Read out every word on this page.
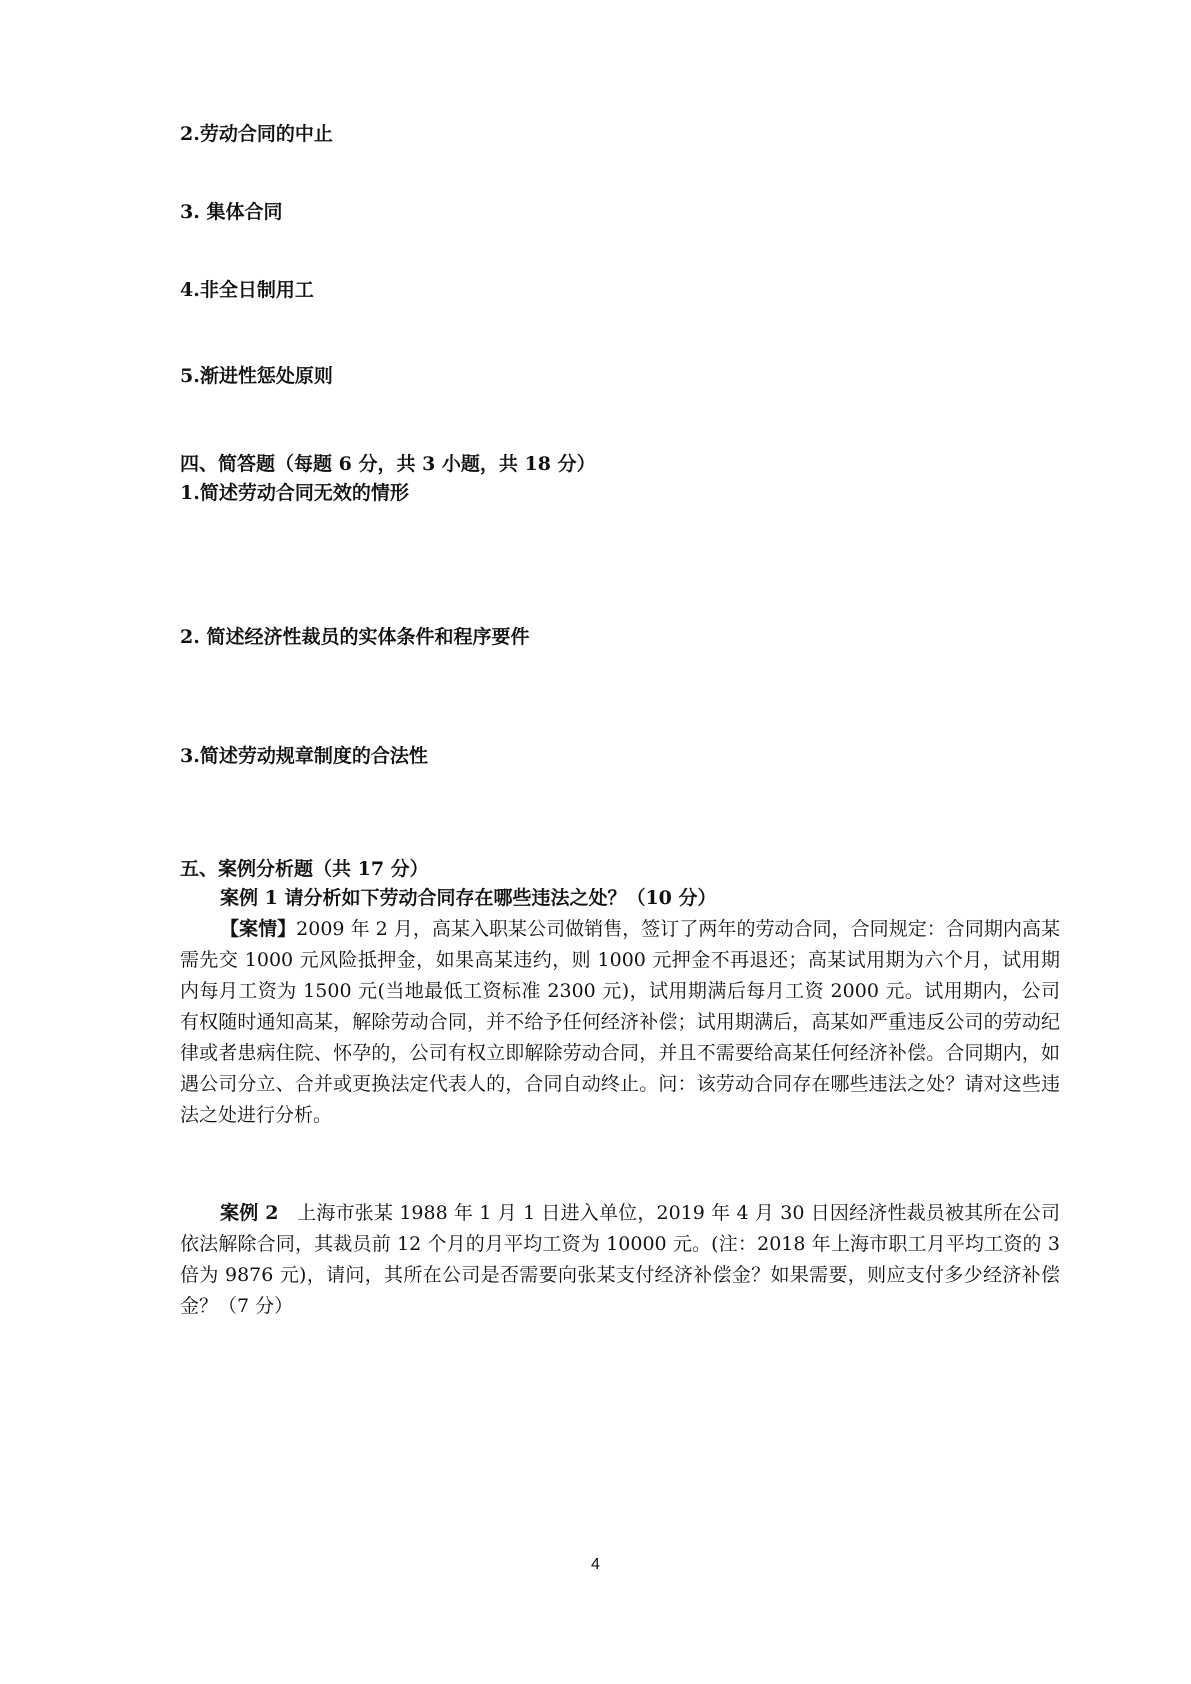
2.劳动合同的中止
3. 集体合同
4.非全日制用工
5.渐进性惩处原则
四、简答题（每题 6 分，共 3 小题，共 18 分）
1.简述劳动合同无效的情形
2. 简述经济性裁员的实体条件和程序要件
3.简述劳动规章制度的合法性
五、案例分析题（共 17 分）
案例 1 请分析如下劳动合同存在哪些违法之处？（10 分）
【案情】2009 年 2 月，高某入职某公司做销售，签订了两年的劳动合同，合同规定：合同期内高某需先交 1000 元风险抵押金，如果高某违约，则 1000 元押金不再退还；高某试用期为六个月，试用期内每月工资为 1500 元(当地最低工资标准 2300 元)，试用期满后每月工资 2000 元。试用期内，公司有权随时通知高某，解除劳动合同，并不给予任何经济补偿；试用期满后，高某如严重违反公司的劳动纪律或者患病住院、怀孕的，公司有权立即解除劳动合同，并且不需要给高某任何经济补偿。合同期内，如遇公司分立、合并或更换法定代表人的，合同自动终止。问：该劳动合同存在哪些违法之处？请对这些违法之处进行分析。
案例 2 上海市张某 1988 年 1 月 1 日进入单位，2019 年 4 月 30 日因经济性裁员被其所在公司依法解除合同，其裁员前 12 个月的月平均工资为 10000 元。(注：2018 年上海市职工月平均工资的 3 倍为 9876 元)，请问，其所在公司是否需要向张某支付经济补偿金？如果需要，则应支付多少经济补偿金？（7 分）
4
